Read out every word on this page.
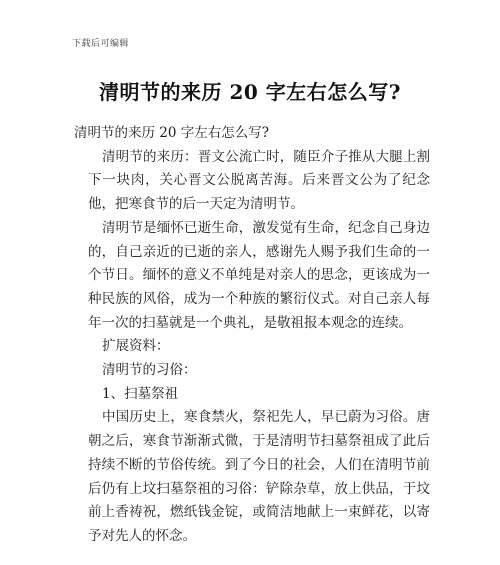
下载后可编辑
清明节的来历 20 字左右怎么写?

清明节的来历 20 字左右怎么写?

清明节的来历：晋文公流亡时，随臣介子推从大腿上割下一块肉，关心晋文公脱离苦海。后来晋文公为了纪念他，把寒食节的后一天定为清明节。

清明节是缅怀已逝生命，激发觉有生命，纪念自己身边的，自己亲近的已逝的亲人，感谢先人赐予我们生命的一个节日。缅怀的意义不单纯是对亲人的思念，更该成为一种民族的风俗，成为一个种族的繁衍仪式。对自己亲人每年一次的扫墓就是一个典礼，是敬祖报本观念的连续。

扩展资料：

清明节的习俗：

1、扫墓祭祖

中国历史上，寒食禁火，祭祀先人，早已蔚为习俗。唐朝之后，寒食节渐渐式微，于是清明节扫墓祭祖成了此后持续不断的节俗传统。到了今日的社会，人们在清明节前后仍有上坟扫墓祭祖的习俗：铲除杂草，放上供品，于坟前上香祷祝，燃纸钱金锭，或简洁地献上一束鲜花，以寄予对先人的怀念。
